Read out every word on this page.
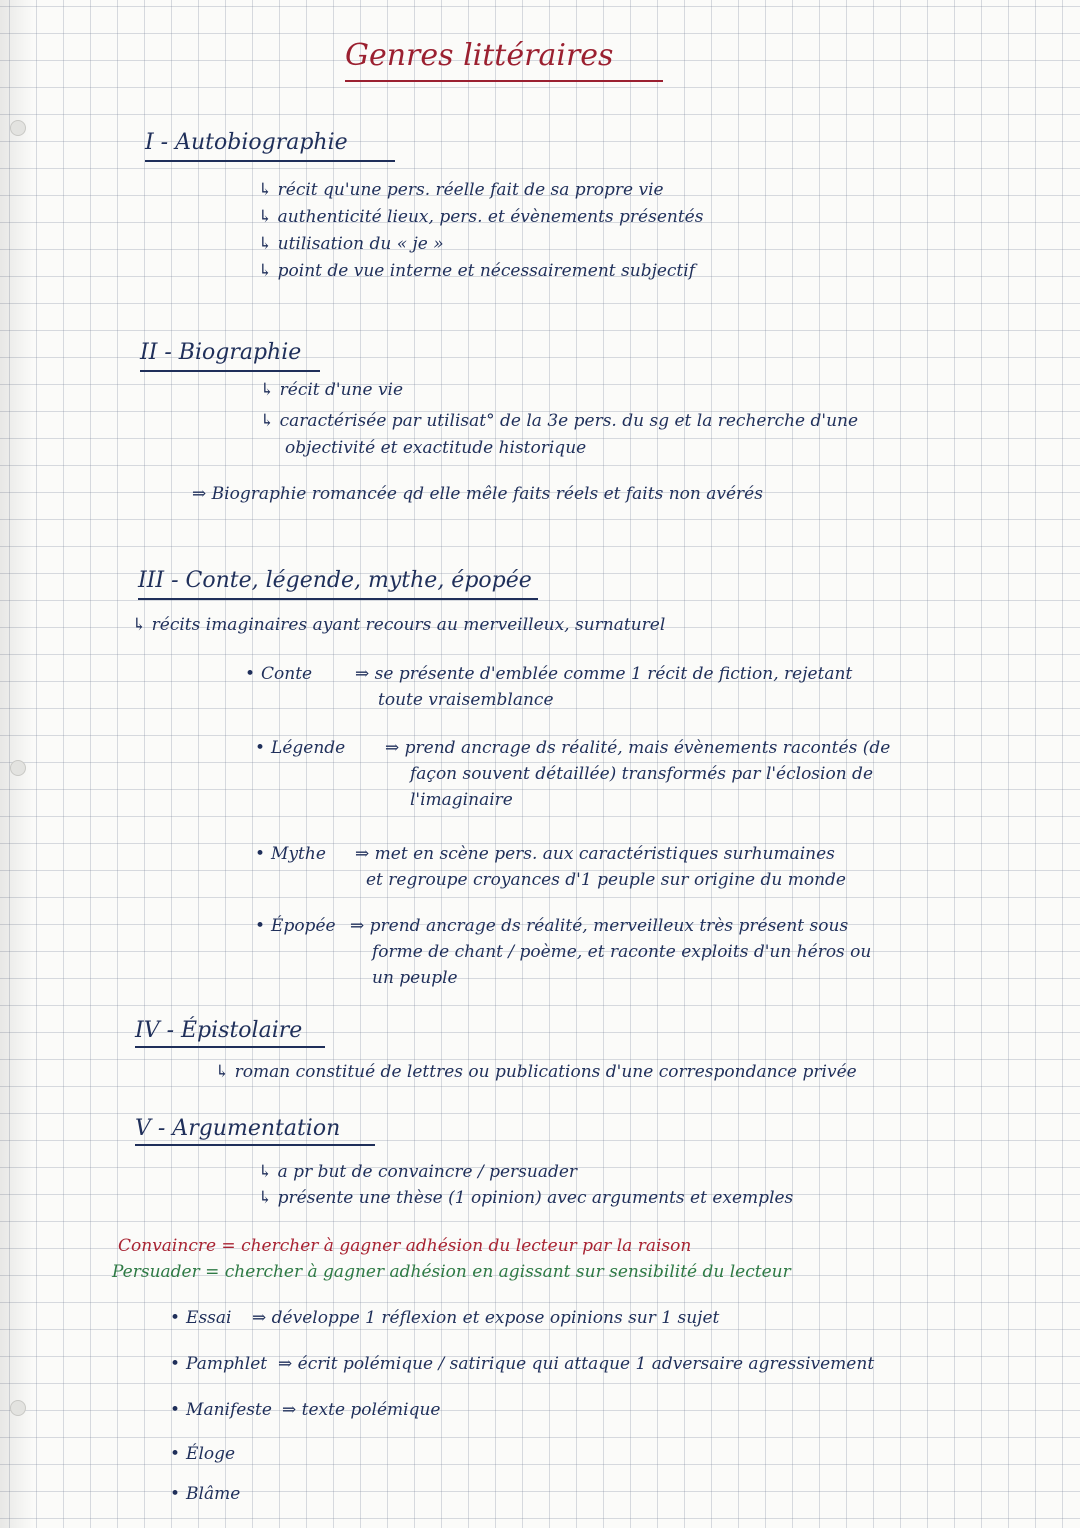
Genres littéraires
I - Autobiographie
↳ récit qu'une pers. réelle fait de sa propre vie
↳ authenticité lieux, pers. et évènements présentés
↳ utilisation du « je »
↳ point de vue interne et nécessairement subjectif
II - Biographie
↳ récit d'une vie
↳ caractérisée par utilisat° de la 3e pers. du sg et la recherche d'une
objectivité et exactitude historique
⇒ Biographie romancée qd elle mêle faits réels et faits non avérés
III - Conte, légende, mythe, épopée
↳ récits imaginaires ayant recours au merveilleux, surnaturel
• Conte	⇒ se présente d'emblée comme 1 récit de fiction, rejetant
toute vraisemblance
• Légende ⇒ prend ancrage ds réalité, mais évènements racontés (de
façon souvent détaillée) transformés par l'éclosion de
l'imaginaire
• Mythe ⇒ met en scène pers. aux caractéristiques surhumaines
et regroupe croyances d'1 peuple sur origine du monde
• Épopée ⇒ prend ancrage ds réalité, merveilleux très présent sous
forme de chant / poème, et raconte exploits d'un héros ou
un peuple
IV - Épistolaire
↳ roman constitué de lettres ou publications d'une correspondance privée
V - Argumentation
↳ a pr but de convaincre / persuader
↳ présente une thèse (1 opinion) avec arguments et exemples
Convaincre = chercher à gagner adhésion du lecteur par la raison
Persuader = chercher à gagner adhésion en agissant sur sensibilité du lecteur
• Essai ⇒ développe 1 réflexion et expose opinions sur 1 sujet
• Pamphlet ⇒ écrit polémique / satirique qui attaque 1 adversaire agressivement
• Manifeste ⇒ texte polémique
• Éloge
• Blâme
